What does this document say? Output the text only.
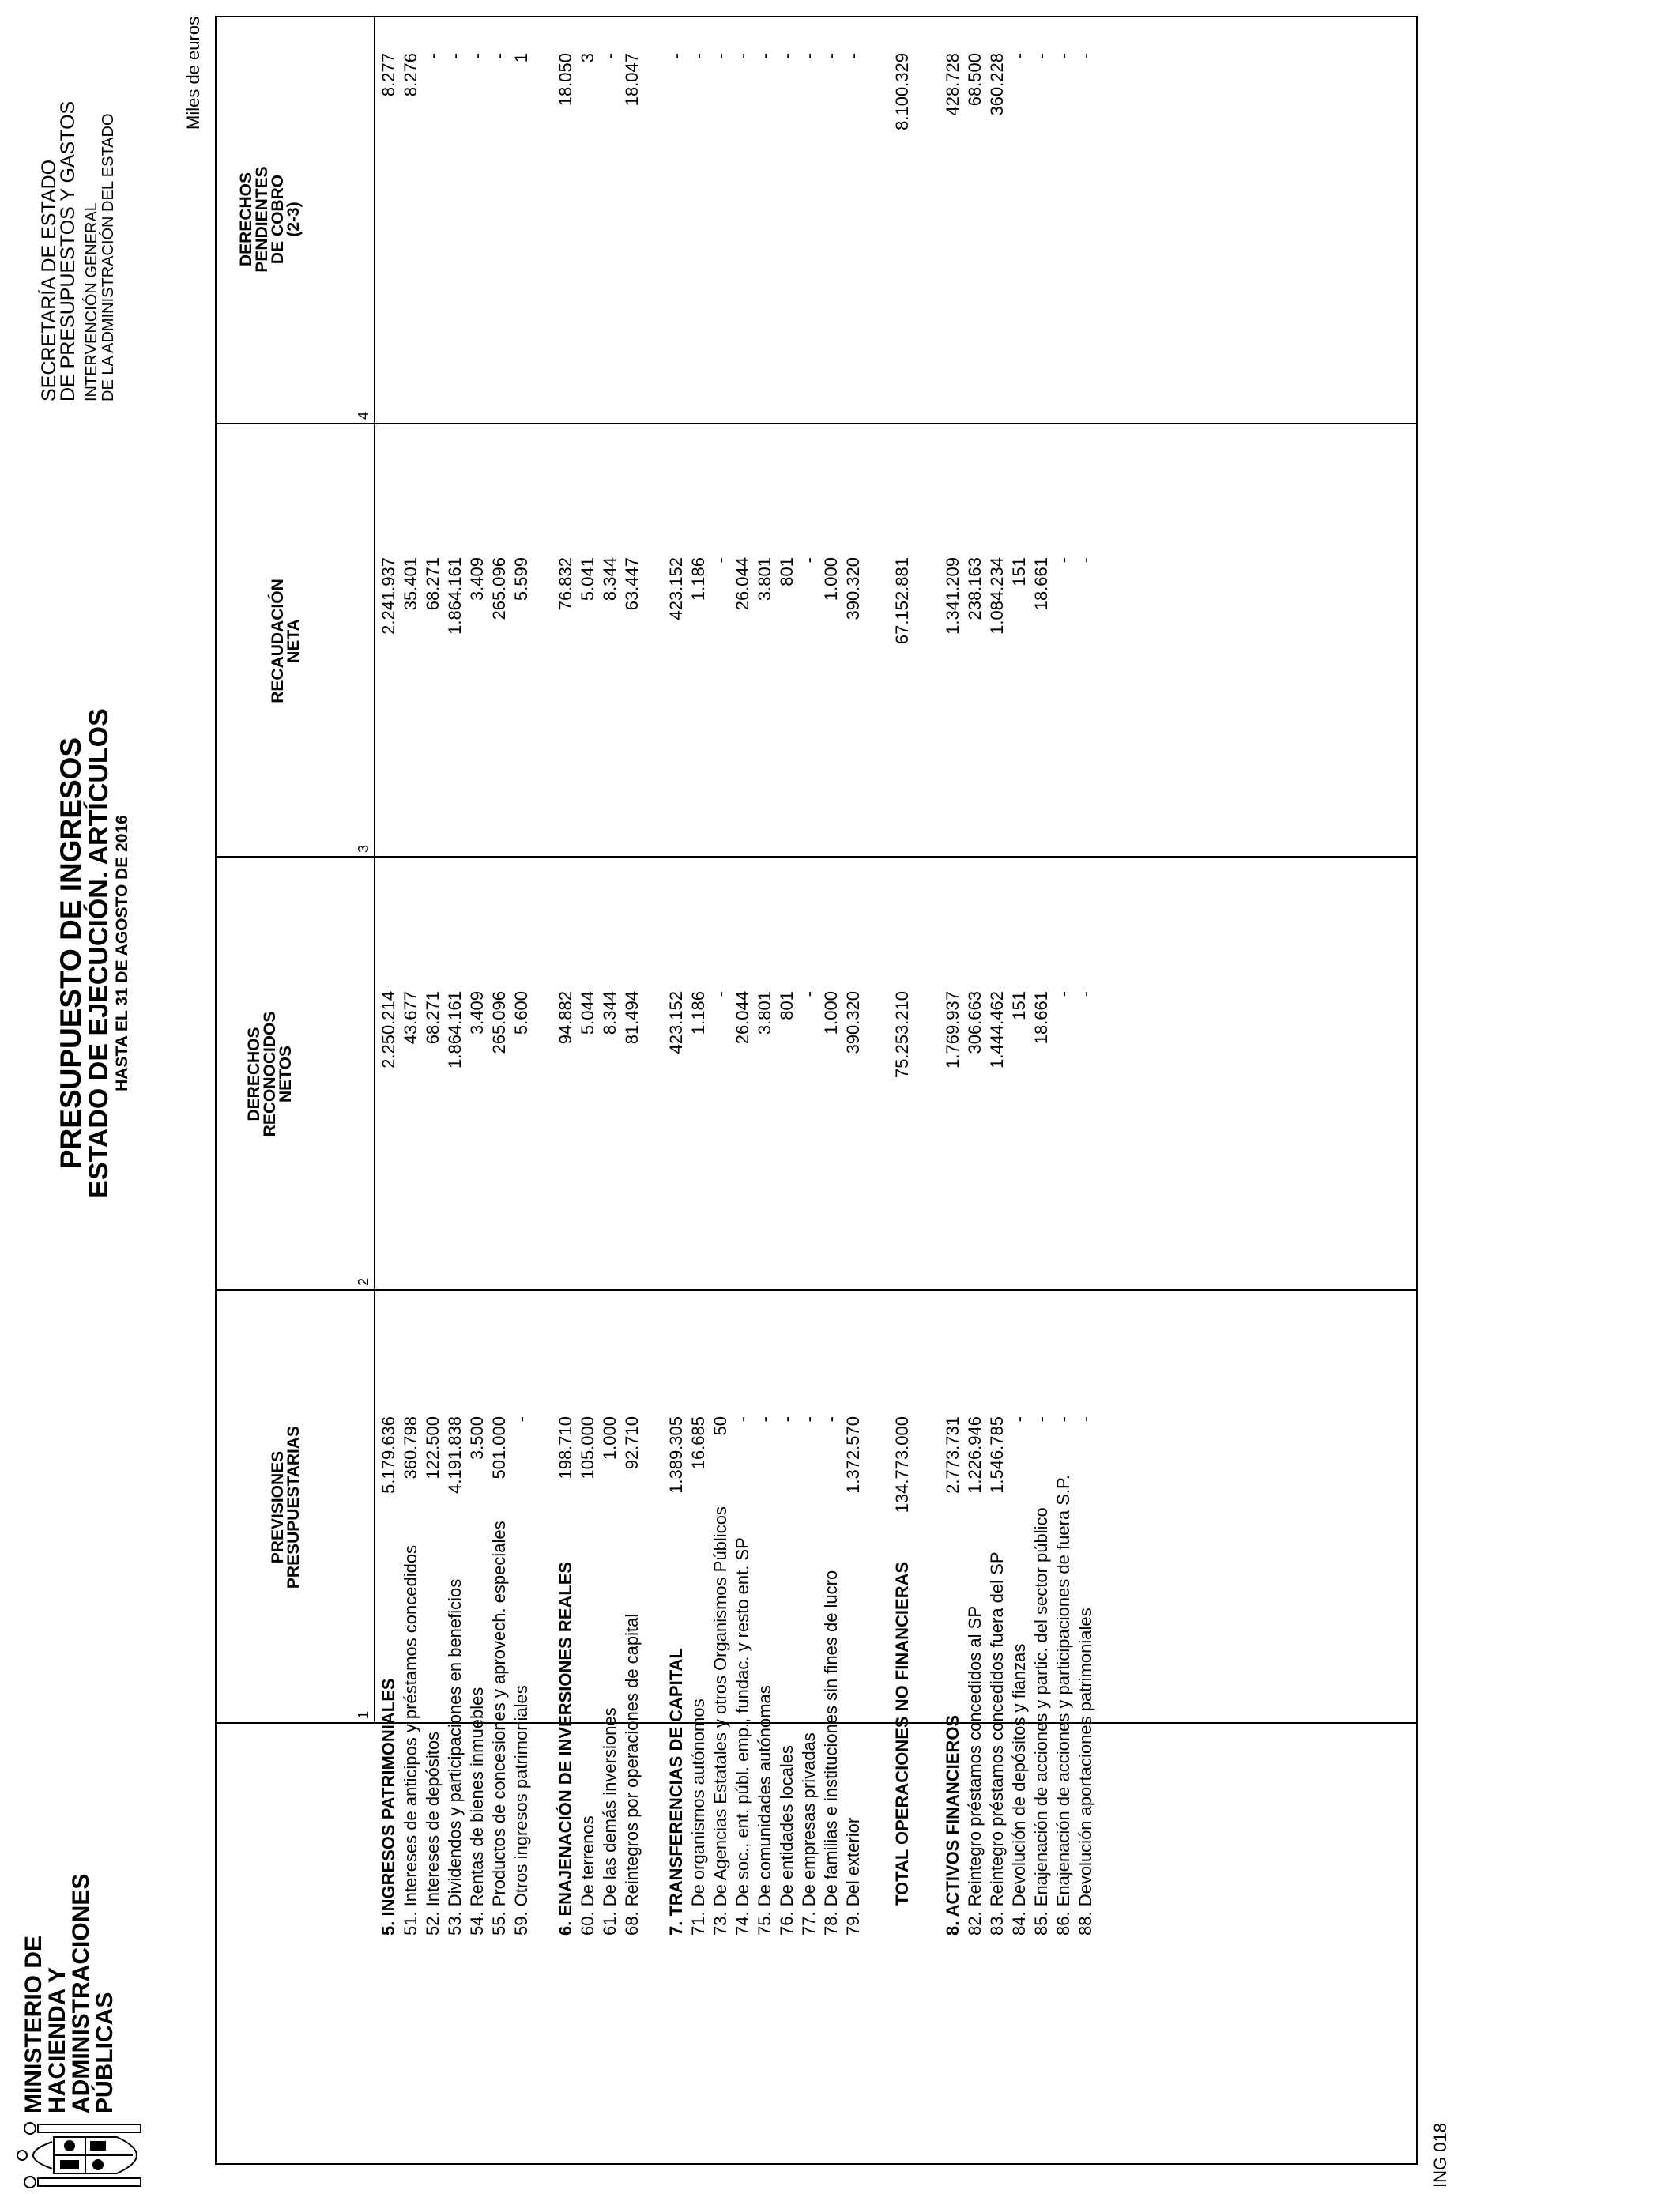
MINISTERIO DE
HACIENDA Y
ADMINISTRACIONES
PÚBLICAS
PRESUPUESTO DE INGRESOS
ESTADO DE EJECUCIÓN. ARTÍCULOS HASTA EL 31 DE AGOSTO DE 2016
SECRETARÍA DE ESTADO
DE PRESUPUESTOS Y GASTOS INTERVENCIÓN GENERAL DE LA ADMINISTRACIÓN DEL ESTADO
Miles de euros
PREVISIONES
PRESUPUESTARIAS
DERECHOS
RECONOCIDOS
NETOS
RECAUDACIÓN
NETA
DERECHOS
PENDIENTES
DE COBRO
(2-3)
1
2
3
4
5. INGRESOS PATRIMONIALES
5.179.636
2.250.214
2.241.937
8.277
51. Intereses de anticipos y préstamos concedidos
360.798
43.677
35.401
8.276
52. Intereses de depósitos
122.500
68.271
68.271
-
53. Dividendos y participaciones en beneficios
4.191.838
1.864.161
1.864.161
-
54. Rentas de bienes inmuebles
3.500
3.409
3.409
-
55. Productos de concesiones y aprovech. especiales
501.000
265.096
265.096
-
59. Otros ingresos patrimoniales
-
5.600
5.599
1
6. ENAJENACIÓN DE INVERSIONES REALES
198.710
94.882
76.832
18.050
60. De terrenos
105.000
5.044
5.041
3
61. De las demás inversiones
1.000
8.344
8.344
-
68. Reintegros por operaciones de capital
92.710
81.494
63.447
18.047
7. TRANSFERENCIAS DE CAPITAL
1.389.305
423.152
423.152
-
71. De organismos autónomos
16.685
1.186
1.186
-
73. De Agencias Estatales y otros Organismos Públicos
50
-
-
-
74. De soc., ent. públ. emp., fundac. y resto ent. SP
-
26.044
26.044
-
75. De comunidades autónomas
-
3.801
3.801
-
76. De entidades locales
-
801
801
-
77. De empresas privadas
-
-
-
-
78. De familias e instituciones sin fines de lucro
-
1.000
1.000
-
79. Del exterior
1.372.570
390.320
390.320
-
TOTAL OPERACIONES NO FINANCIERAS
134.773.000
75.253.210
67.152.881
8.100.329
8. ACTIVOS FINANCIEROS
2.773.731
1.769.937
1.341.209
428.728
82. Reintegro préstamos concedidos al SP
1.226.946
306.663
238.163
68.500
83. Reintegro préstamos concedidos fuera del SP
1.546.785
1.444.462
1.084.234
360.228
84. Devolución de depósitos y fianzas
-
151
151
-
85. Enajenación de acciones y partic. del sector público
-
18.661
18.661
-
86. Enajenación de acciones y participaciones de fuera S.P.
-
-
-
-
88. Devolución aportaciones patrimoniales
-
-
-
-
ING 018
